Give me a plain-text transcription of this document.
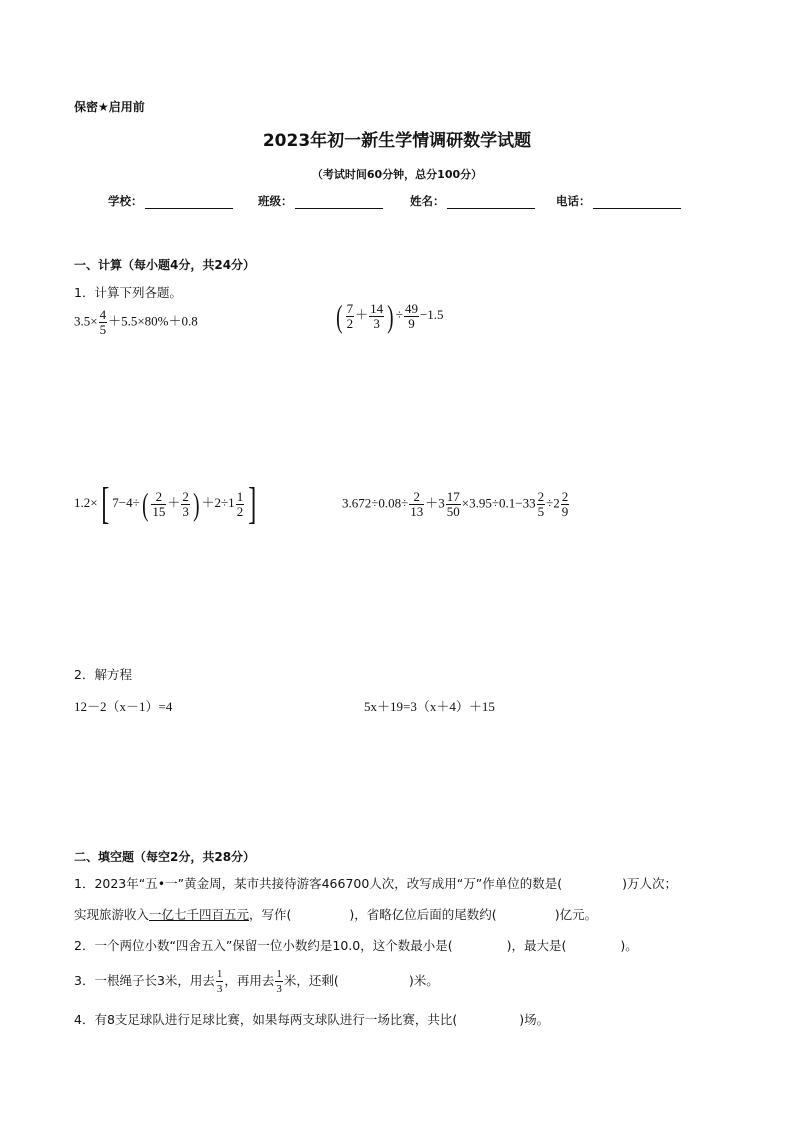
保密★启用前
2023年初一新生学情调研数学试题
（考试时间60分钟，总分100分）
学校：	班级：	姓名：	电话：
一、计算（每小题4分，共24分）
1．计算下列各题。
$3.5\times \frac{4}{5} +5.5\times 80\%+0.8$	( $\frac{7}{2} + \frac{14}{3}$ ) ÷ $\frac{49}{9} -1.5$
1.2×[ $7-4\div( \frac{2}{15} + \frac{2}{3}$ ) $+2\div 1 \frac{1}{2}$ ]	$3.672\div 0.08\div \frac{2}{13} +3 \frac{17}{50} \times 3.95\div 0.1-33 \frac{2}{5} \div 2 \frac{2}{9}$
2．解方程
12－2（x－1）=4	5x＋19=3（x＋4）＋15
二、填空题（每空2分，共28分）
1．2023年“五•一”黄金周，某市共接待游客466700人次，改写成用“万”作单位的数是(	)万人次；
实现旅游收入一亿七千四百五元，写作(	)，省略亿位后面的尾数约(	)亿元。
2．一个两位小数“四舍五入”保留一位小数约是10.0，这个数最小是(	)，最大是(	)。
3．一根绳子长3米，用去 $\frac{1}{3}$ ，再用去 $\frac{1}{3}$ 米，还剩(	)米。
4．有8支足球队进行足球比赛，如果每两支球队进行一场比赛，共比(	)场。
